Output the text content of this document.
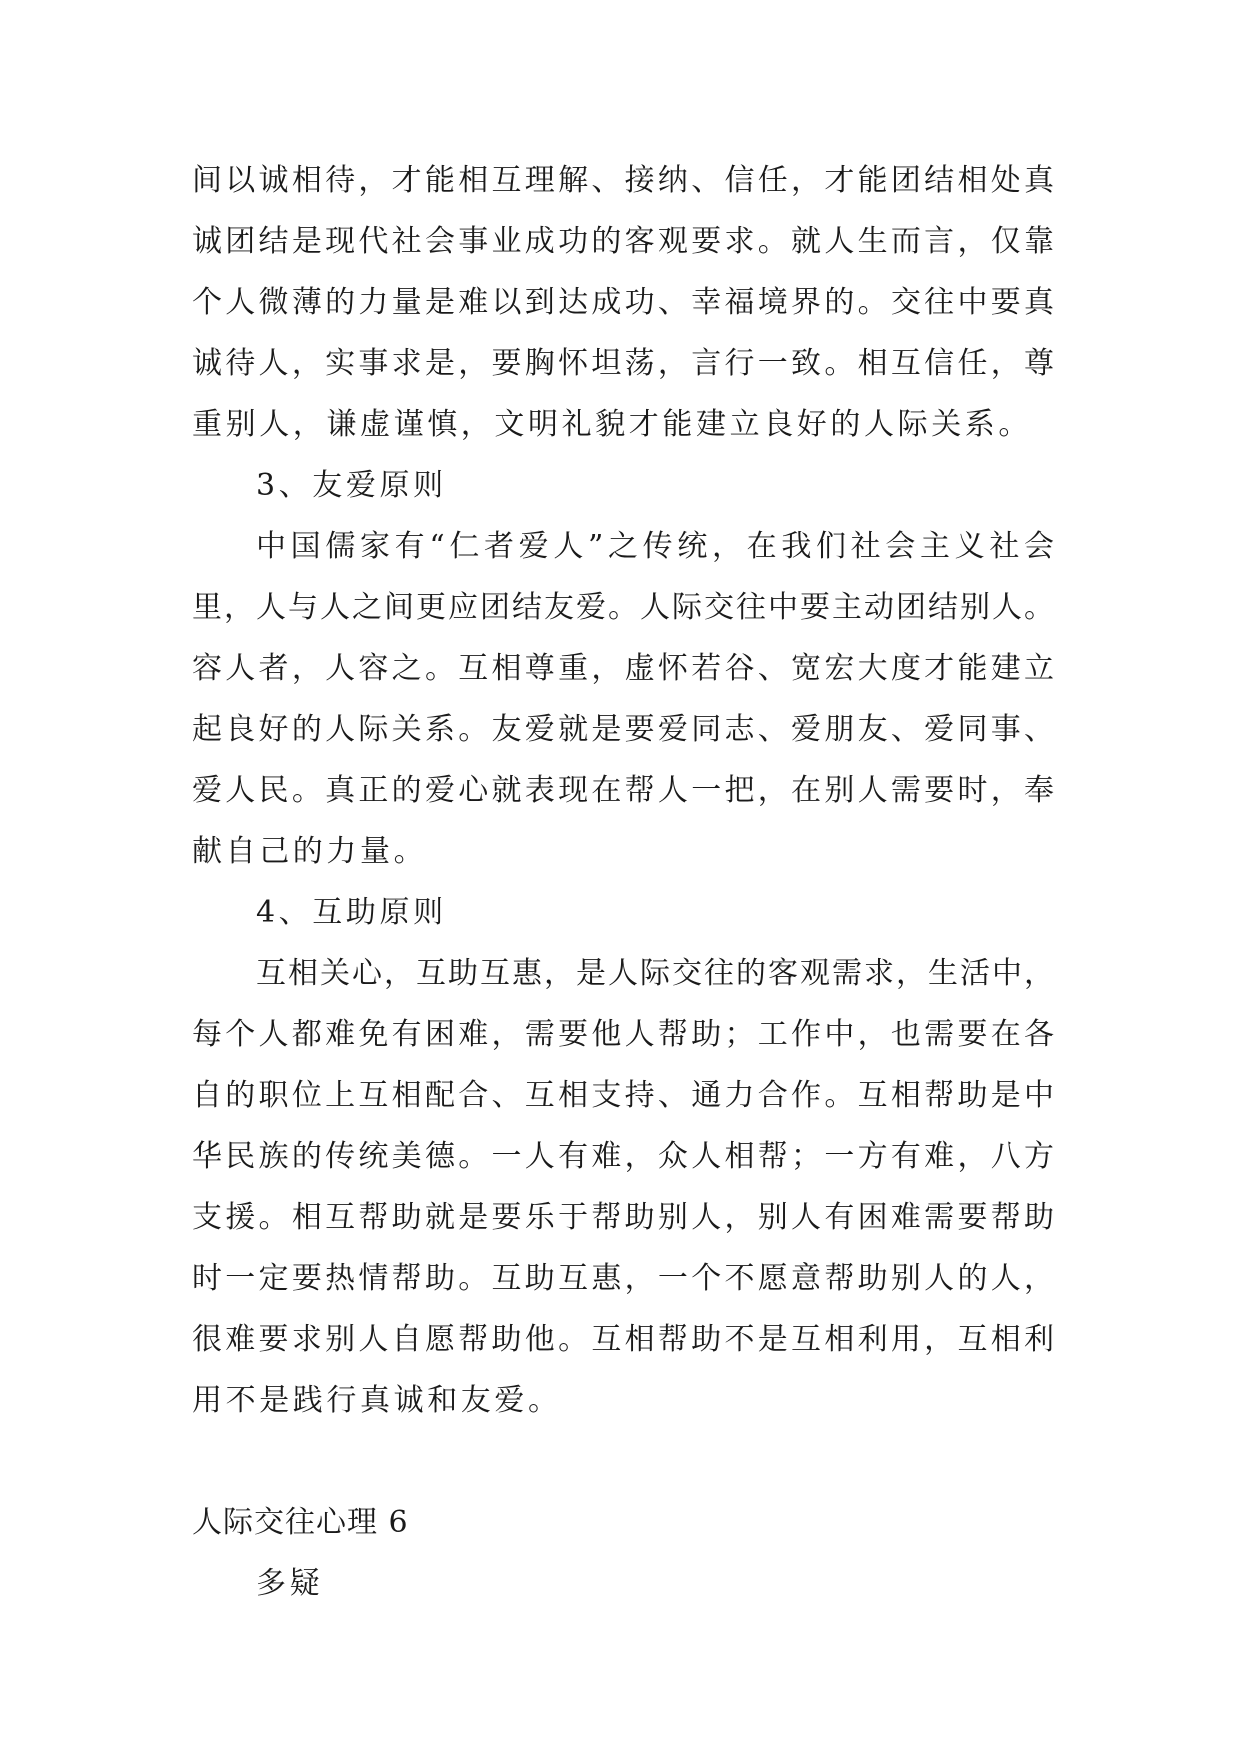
间以诚相待，才能相互理解、接纳、信任，才能团结相处真
诚团结是现代社会事业成功的客观要求。就人生而言，仅靠
个人微薄的力量是难以到达成功、幸福境界的。交往中要真
诚待人，实事求是，要胸怀坦荡，言行一致。相互信任，尊
重别人，谦虚谨慎，文明礼貌才能建立良好的人际关系。
3、友爱原则
中国儒家有“仁者爱人”之传统，在我们社会主义社会
里，人与人之间更应团结友爱。人际交往中要主动团结别人。
容人者，人容之。互相尊重，虚怀若谷、宽宏大度才能建立
起良好的人际关系。友爱就是要爱同志、爱朋友、爱同事、
爱人民。真正的爱心就表现在帮人一把，在别人需要时，奉
献自己的力量。
4、互助原则
互相关心，互助互惠，是人际交往的客观需求，生活中，
每个人都难免有困难，需要他人帮助；工作中，也需要在各
自的职位上互相配合、互相支持、通力合作。互相帮助是中
华民族的传统美德。一人有难，众人相帮；一方有难，八方
支援。相互帮助就是要乐于帮助别人，别人有困难需要帮助
时一定要热情帮助。互助互惠，一个不愿意帮助别人的人，
很难要求别人自愿帮助他。互相帮助不是互相利用，互相利
用不是践行真诚和友爱。
人际交往心理 6
多疑
